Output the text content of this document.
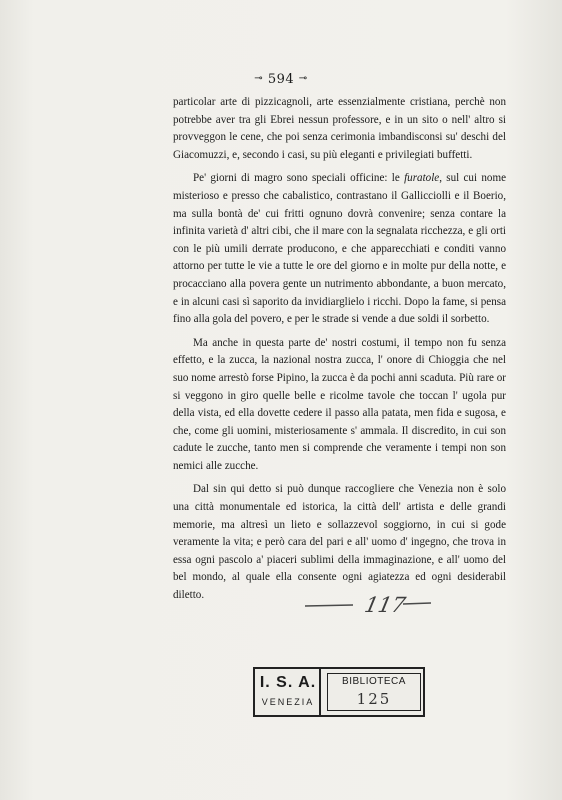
⊸ 594 ⊸

particolar arte di pizzicagnoli, arte essenzialmente cristiana, perchè non potrebbe aver tra gli Ebrei nessun professore, e in un sito o nell' altro si provveggon le cene, che poi senza cerimonia imbandisconsi su' deschi del Giacomuzzi, e, secondo i casi, su più eleganti e privilegiati buffetti.

Pe' giorni di magro sono speciali officine: le furatole, sul cui nome misterioso e presso che cabalistico, contrastano il Gallicciolli e il Boerio, ma sulla bontà de' cui fritti ognuno dovrà convenire; senza contare la infinita varietà d' altri cibi, che il mare con la segnalata ricchezza, e gli orti con le più umili derrate producono, e che apparecchiati e conditi vanno attorno per tutte le vie a tutte le ore del giorno e in molte pur della notte, e procacciano alla povera gente un nutrimento abbondante, a buon mercato, e in alcuni casi sì saporito da invidiarglielo i ricchi. Dopo la fame, si pensa fino alla gola del povero, e per le strade si vende a due soldi il sorbetto.

Ma anche in questa parte de' nostri costumi, il tempo non fu senza effetto, e la zucca, la nazional nostra zucca, l' onore di Chioggia che nel suo nome arrestò forse Pipino, la zucca è da pochi anni scaduta. Più rare or si veggono in giro quelle belle e ricolme tavole che toccan l' ugola pur della vista, ed ella dovette cedere il passo alla patata, men fida e sugosa, e che, come gli uomini, misteriosamente s' ammala. Il discredito, in cui son cadute le zucche, tanto men si comprende che veramente i tempi non son nemici alle zucche.

Dal sin qui detto si può dunque raccogliere che Venezia non è solo una città monumentale ed istorica, la città dell' artista e delle grandi memorie, ma altresì un lieto e sollazzevol soggiorno, in cui si gode veramente la vita; e però cara del pari e all' uomo d' ingegno, che trova in essa ogni pascolo a' piaceri sublimi della immaginazione, e all' uomo del bel mondo, al quale ella consente ogni agiatezza ed ogni desiderabil diletto.	117
I. S. A.
VENEZIA
BIBLIOTECA
125
